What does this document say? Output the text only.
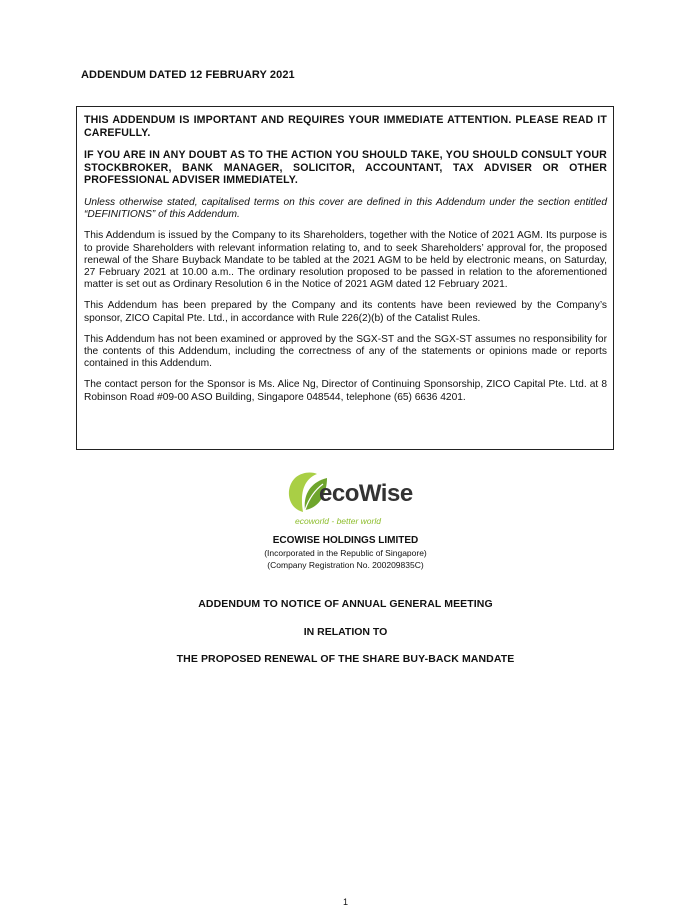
ADDENDUM DATED 12 FEBRUARY 2021

THIS ADDENDUM IS IMPORTANT AND REQUIRES YOUR IMMEDIATE ATTENTION. PLEASE READ IT CAREFULLY.

IF YOU ARE IN ANY DOUBT AS TO THE ACTION YOU SHOULD TAKE, YOU SHOULD CONSULT YOUR STOCKBROKER, BANK MANAGER, SOLICITOR, ACCOUNTANT, TAX ADVISER OR OTHER PROFESSIONAL ADVISER IMMEDIATELY.

Unless otherwise stated, capitalised terms on this cover are defined in this Addendum under the section entitled “DEFINITIONS” of this Addendum.

This Addendum is issued by the Company to its Shareholders, together with the Notice of 2021 AGM. Its purpose is to provide Shareholders with relevant information relating to, and to seek Shareholders’ approval for, the proposed renewal of the Share Buyback Mandate to be tabled at the 2021 AGM to be held by electronic means, on Saturday, 27 February 2021 at 10.00 a.m.. The ordinary resolution proposed to be passed in relation to the aforementioned matter is set out as Ordinary Resolution 6 in the Notice of 2021 AGM dated 12 February 2021.

This Addendum has been prepared by the Company and its contents have been reviewed by the Company’s sponsor, ZICO Capital Pte. Ltd., in accordance with Rule 226(2)(b) of the Catalist Rules.

This Addendum has not been examined or approved by the SGX-ST and the SGX-ST assumes no responsibility for the contents of this Addendum, including the correctness of any of the statements or opinions made or reports contained in this Addendum.

The contact person for the Sponsor is Ms. Alice Ng, Director of Continuing Sponsorship, ZICO Capital Pte. Ltd. at 8 Robinson Road #09-00 ASO Building, Singapore 048544, telephone (65) 6636 4201.

ecoWise
ecoworld - better world
ECOWISE HOLDINGS LIMITED
(Incorporated in the Republic of Singapore)
(Company Registration No. 200209835C)
ADDENDUM TO NOTICE OF ANNUAL GENERAL MEETING
IN RELATION TO
THE PROPOSED RENEWAL OF THE SHARE BUY-BACK MANDATE
1
